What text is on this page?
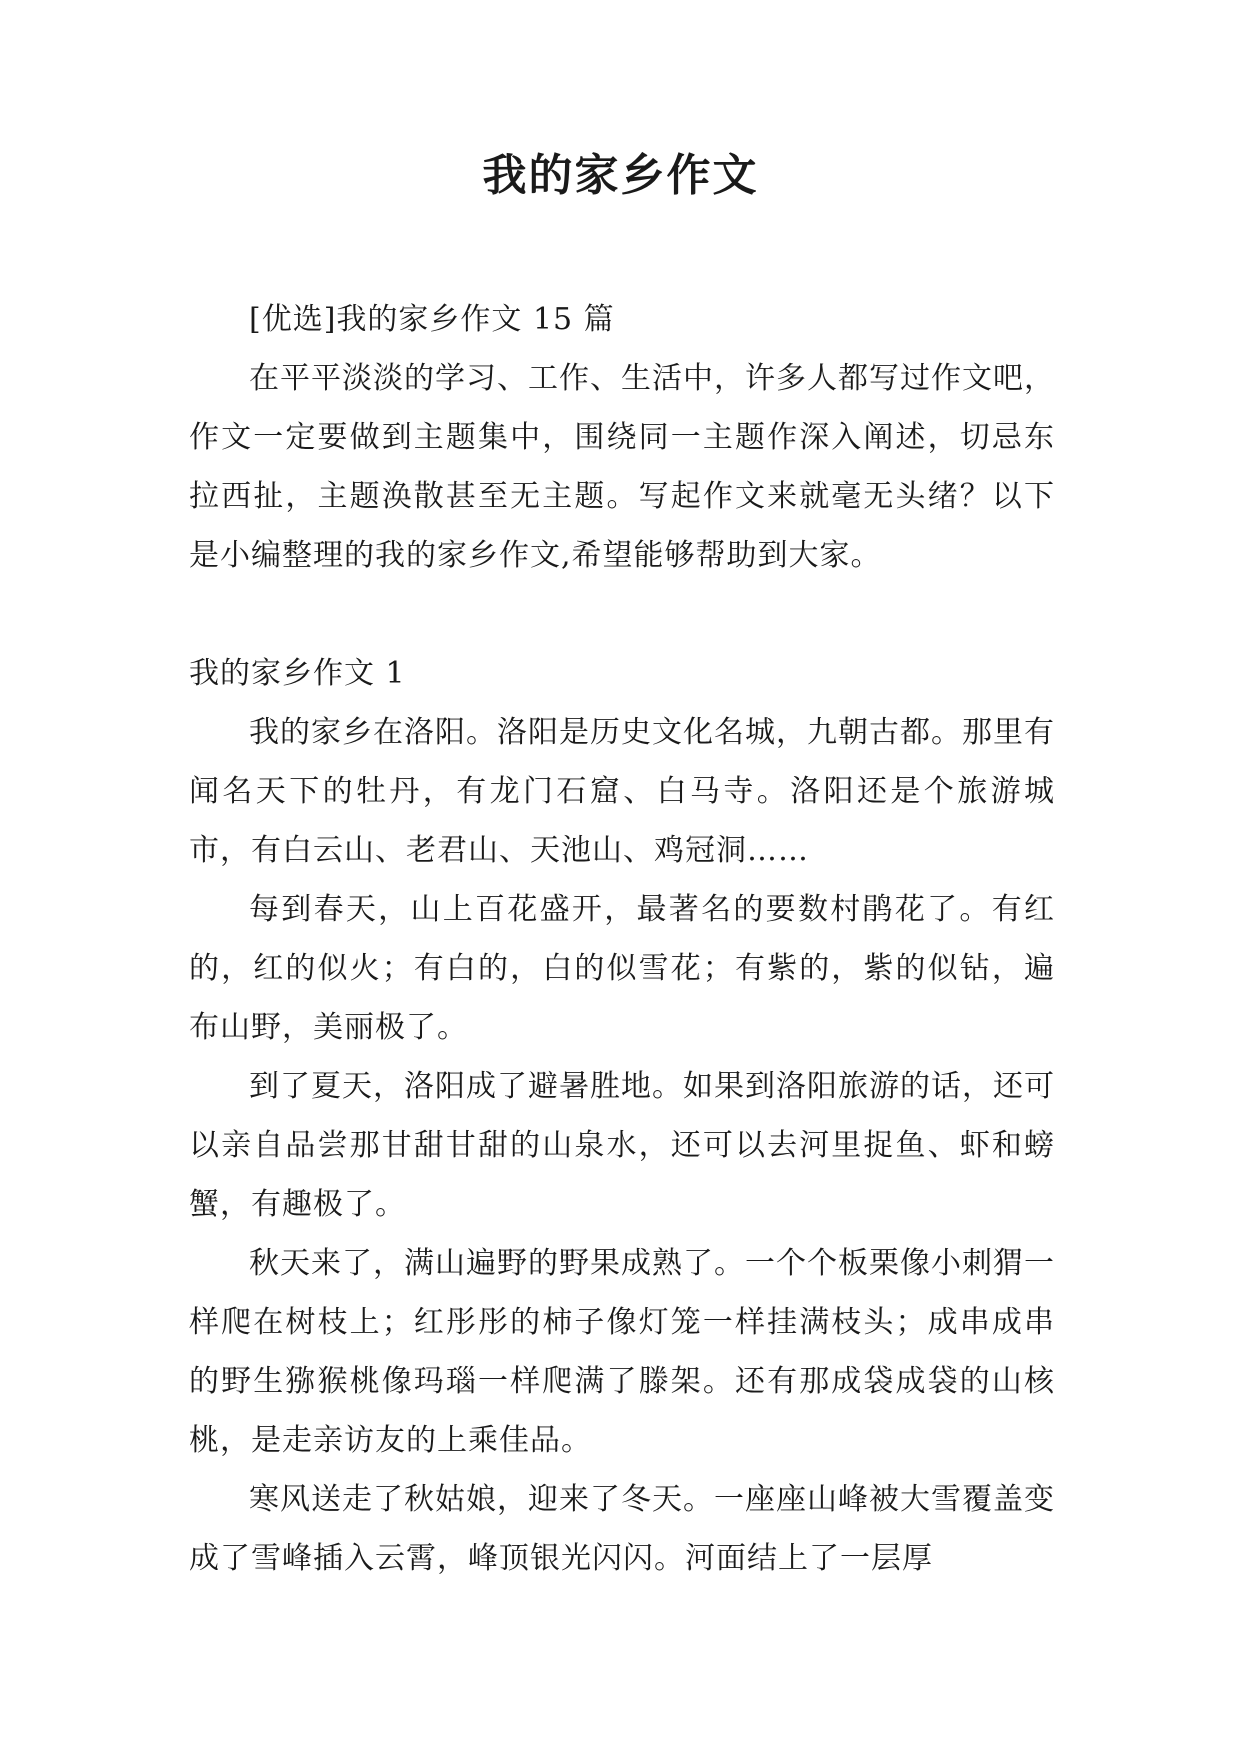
我的家乡作文

[优选]我的家乡作文 15 篇

在平平淡淡的学习、工作、生活中，许多人都写过作文吧，作文一定要做到主题集中，围绕同一主题作深入阐述，切忌东拉西扯，主题涣散甚至无主题。写起作文来就毫无头绪？以下是小编整理的我的家乡作文,希望能够帮助到大家。

我的家乡作文 1

我的家乡在洛阳。洛阳是历史文化名城，九朝古都。那里有闻名天下的牡丹，有龙门石窟、白马寺。洛阳还是个旅游城市，有白云山、老君山、天池山、鸡冠洞……

每到春天，山上百花盛开，最著名的要数村鹃花了。有红的，红的似火；有白的，白的似雪花；有紫的，紫的似钻，遍布山野，美丽极了。

到了夏天，洛阳成了避暑胜地。如果到洛阳旅游的话，还可以亲自品尝那甘甜甘甜的山泉水，还可以去河里捉鱼、虾和螃蟹，有趣极了。

秋天来了，满山遍野的野果成熟了。一个个板栗像小刺猬一样爬在树枝上；红彤彤的柿子像灯笼一样挂满枝头；成串成串的野生猕猴桃像玛瑙一样爬满了滕架。还有那成袋成袋的山核桃，是走亲访友的上乘佳品。

寒风送走了秋姑娘，迎来了冬天。一座座山峰被大雪覆盖变成了雪峰插入云霄，峰顶银光闪闪。河面结上了一层厚
